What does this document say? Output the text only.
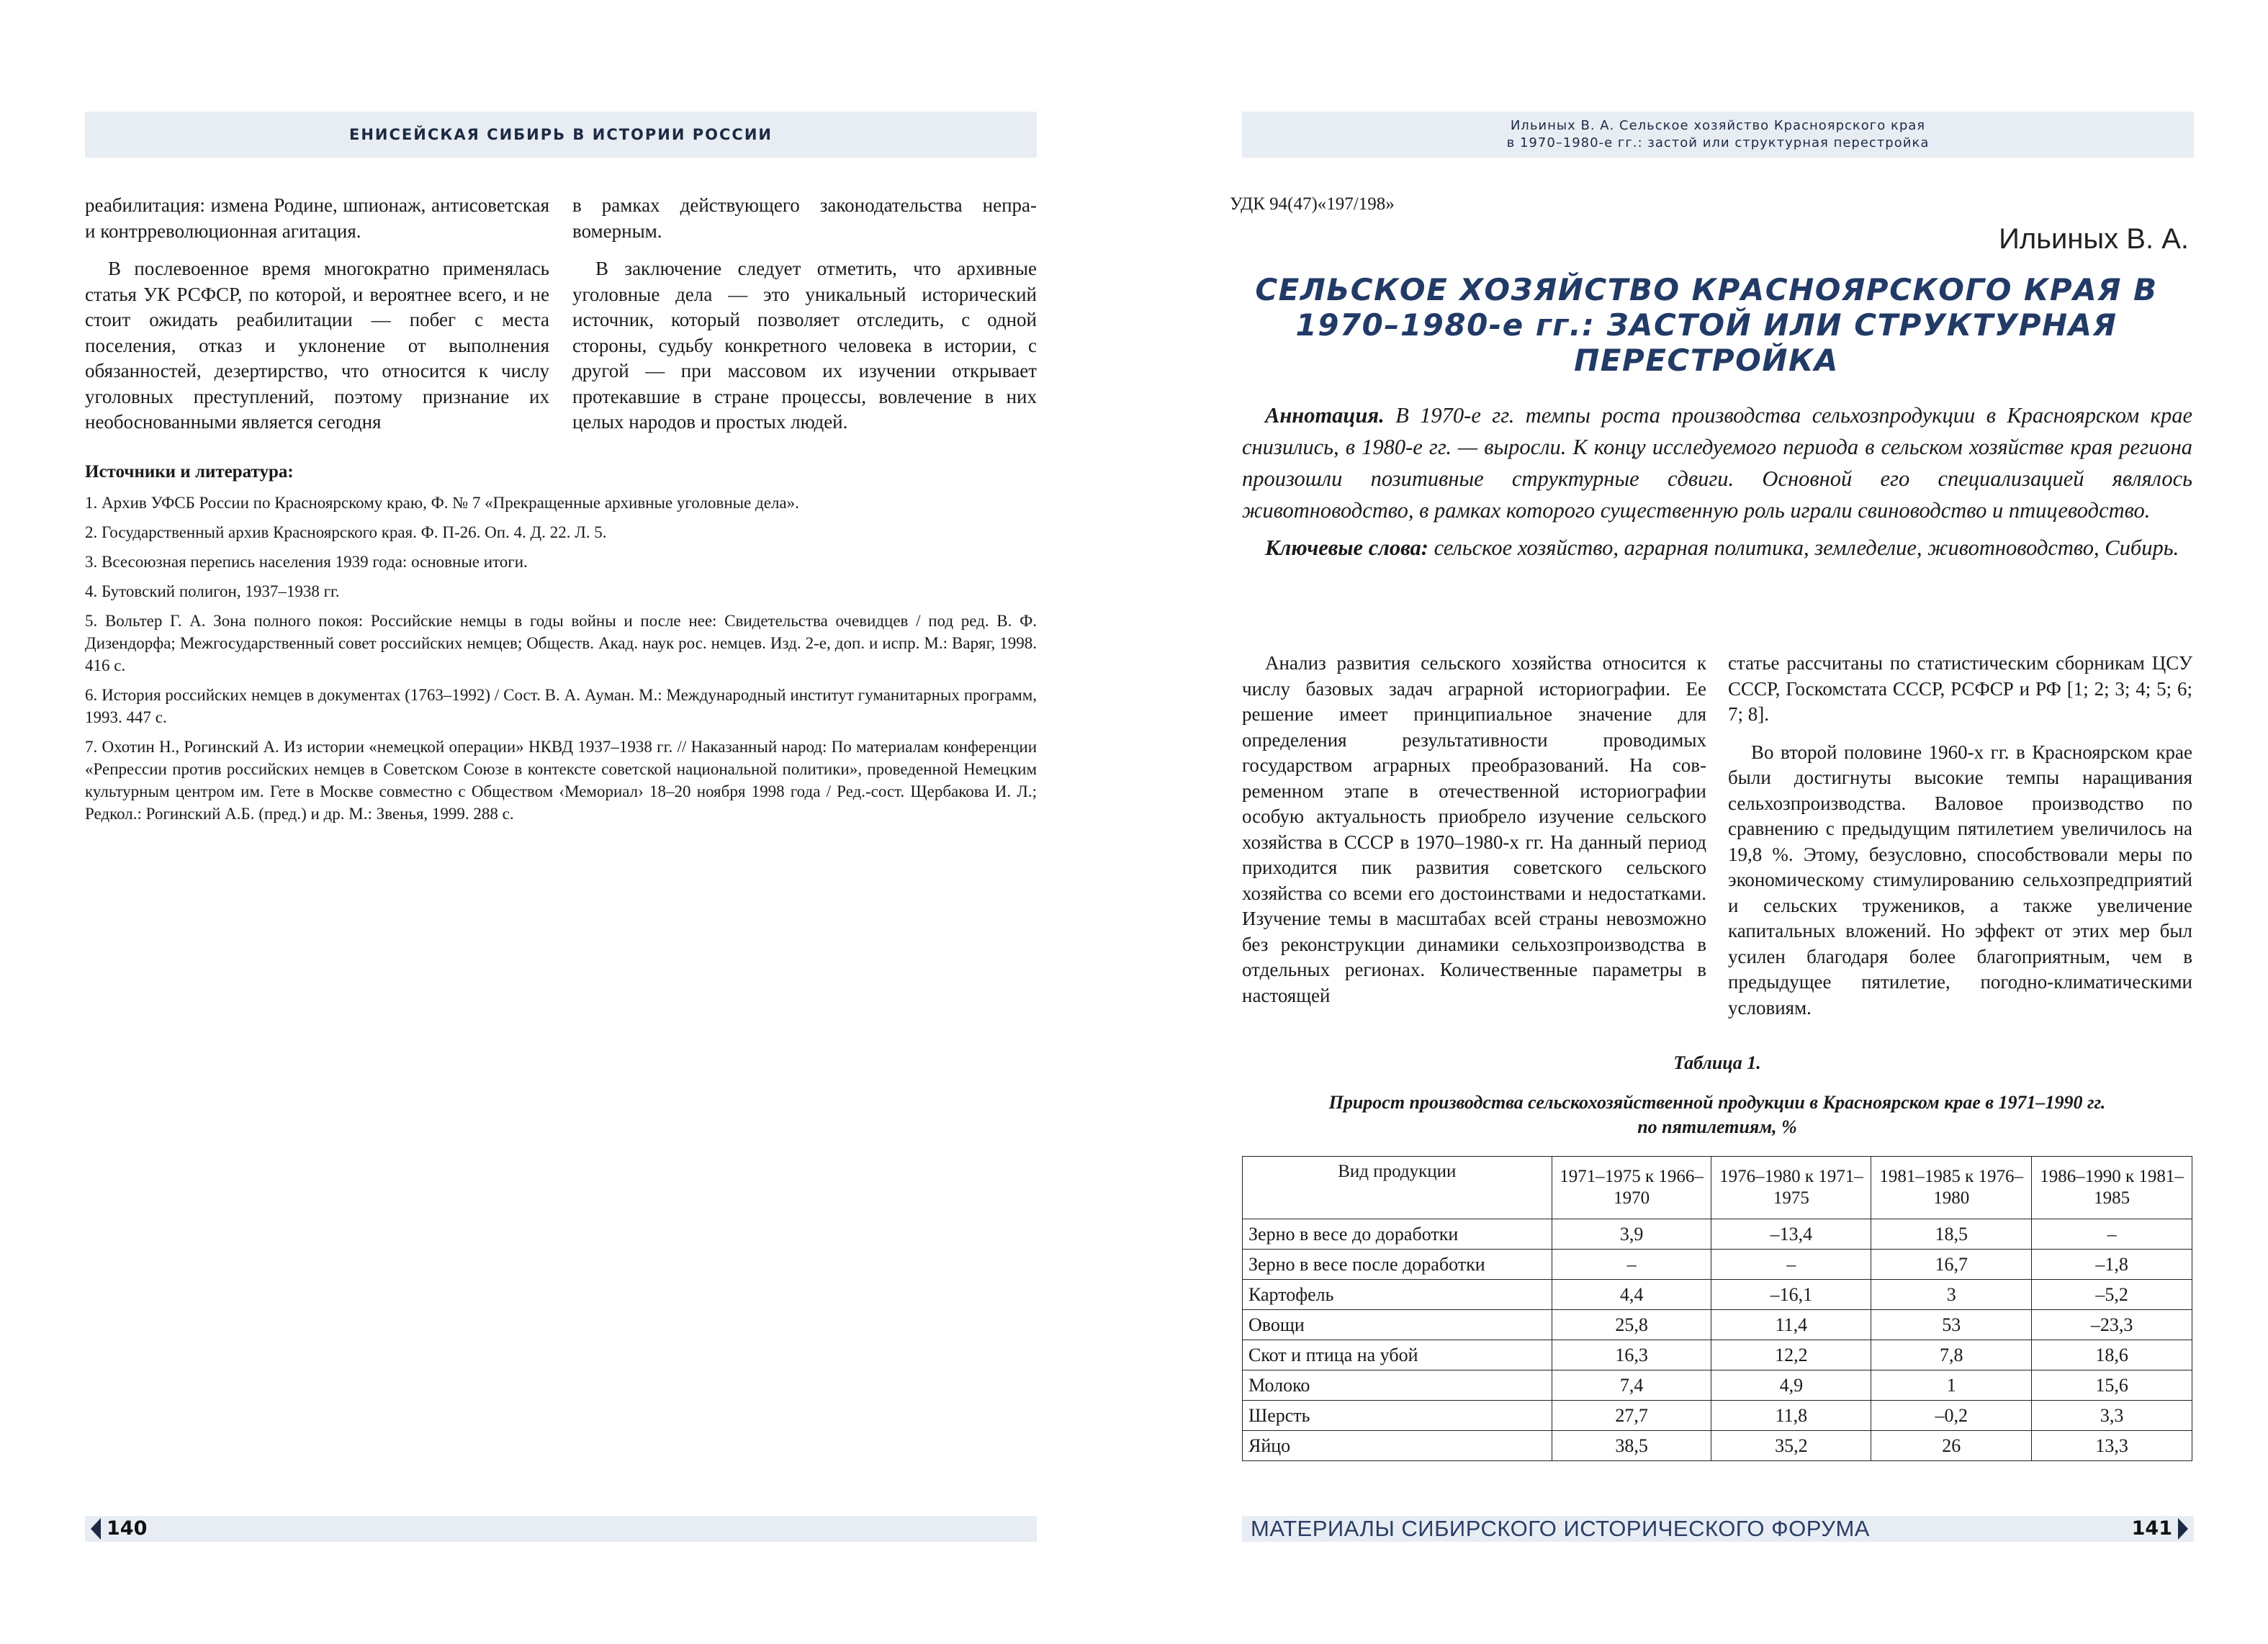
ЕНИСЕЙСКАЯ СИБИРЬ В ИСТОРИИ РОССИИ

реабилитация: измена Родине, шпионаж, антисоветская и контрреволюционная агитация.

В послевоенное время многократно применялась статья УК РСФСР, по которой, и вероятнее всего, и не стоит ожидать реабилитации — побег с места поселения, отказ и уклонение от выполнения обязанностей, дезертирство, что относится к числу уголовных преступлений, поэтому признание их необоснованными является сегодня

в рамках действующего законодательства неправомерным.

В заключение следует отметить, что архивные уголовные дела — это уникальный исторический источник, который позволяет отследить, с одной стороны, судьбу конкретного человека в истории, с другой — при массовом их изучении открывает протекавшие в стране процессы, вовлечение в них целых народов и простых людей.

Источники и литература:

1. Архив УФСБ России по Красноярскому краю, Ф. № 7 «Прекращенные архивные уголовные дела».

2. Государственный архив Красноярского края. Ф. П-26. Оп. 4. Д. 22. Л. 5.

3. Всесоюзная перепись населения 1939 года: основные итоги.

4. Бутовский полигон, 1937–1938 гг.

5. Вольтер Г. А. Зона полного покоя: Российские немцы в годы войны и после нее: Свидетельства очевидцев / под ред. В. Ф. Дизендорфа; Межгосударственный совет российских немцев; Обществ. Акад. наук рос. немцев. Изд. 2-е, доп. и испр. М.: Варяг, 1998. 416 с.

6. История российских немцев в документах (1763–1992) / Сост. В. А. Ауман. М.: Международный институт гуманитарных программ, 1993. 447 с.

7. Охотин Н., Рогинский А. Из истории «немецкой операции» НКВД 1937–1938 гг. // Наказанный народ: По материалам конференции «Репрессии против российских немцев в Советском Союзе в контексте советской национальной политики», проведенной Немецким культурным центром им. Гете в Москве совместно с Обществом ‹Мемориал› 18–20 ноября 1998 года / Ред.-сост. Щербакова И. Л.; Редкол.: Рогинский А.Б. (пред.) и др. М.: Звенья, 1999. 288 с.

140
Ильиных В. А. Сельское хозяйство Красноярского края
в 1970–1980-е гг.: застой или структурная перестройка
УДК 94(47)«197/198»
Ильиных В. А.
СЕЛЬСКОЕ ХОЗЯЙСТВО КРАСНОЯРСКОГО КРАЯ В 1970–1980-е гг.: ЗАСТОЙ ИЛИ СТРУКТУРНАЯ ПЕРЕСТРОЙКА

Аннотация. В 1970-е гг. темпы роста производства сельхозпродукции в Красноярском крае снизились, в 1980-е гг. — выросли. К концу исследуемого периода в сельском хозяйстве края региона произошли позитивные структурные сдвиги. Основной его специализацией являлось животноводство, в рамках которого существенную роль играли свиноводство и птицеводство.

Ключевые слова: сельское хозяйство, аграрная политика, земледелие, животноводство, Сибирь.

Анализ развития сельского хозяйства относится к числу базовых задач аграрной историографии. Ее решение имеет принципиальное значение для определения результативности проводимых государством аграрных преобразований. На современном этапе в отечественной историографии особую актуальность приобрело изучение сельского хозяйства в СССР в 1970–1980-х гг. На данный период приходится пик развития советского сельского хозяйства со всеми его достоинствами и недостатками. Изучение темы в масштабах всей страны невозможно без реконструкции динамики сельхозпроизводства в отдельных регионах. Количественные параметры в настоящей

статье рассчитаны по статистическим сборникам ЦСУ СССР, Госкомстата СССР, РСФСР и РФ [1; 2; 3; 4; 5; 6; 7; 8].

Во второй половине 1960-х гг. в Красноярском крае были достигнуты высокие темпы наращивания сельхозпроизводства. Валовое производство по сравнению с предыдущим пятилетием увеличилось на 19,8 %. Этому, безусловно, способствовали меры по экономическому стимулированию сельхозпредприятий и сельских тружеников, а также увеличение капитальных вложений. Но эффект от этих мер был усилен благодаря более благоприятным, чем в предыдущее пятилетие, погодно-климатическими условиям.

Таблица 1.
Прирост производства сельскохозяйственной продукции в Красноярском крае в 1971–1990 гг.
по пятилетиям, %
Вид продукции	1971–1975 к 1966–1970	1976–1980 к 1971–1975	1981–1985 к 1976–1980	1986–1990 к 1981–1985
Зерно в весе до доработки	3,9	–13,4	18,5	–
Зерно в весе после доработки	–	–	16,7	–1,8
Картофель	4,4	–16,1	3	–5,2
Овощи	25,8	11,4	53	–23,3
Скот и птица на убой	16,3	12,2	7,8	18,6
Молоко	7,4	4,9	1	15,6
Шерсть	27,7	11,8	–0,2	3,3
Яйцо	38,5	35,2	26	13,3
МАТЕРИАЛЫ СИБИРСКОГО ИСТОРИЧЕСКОГО ФОРУМА	141
